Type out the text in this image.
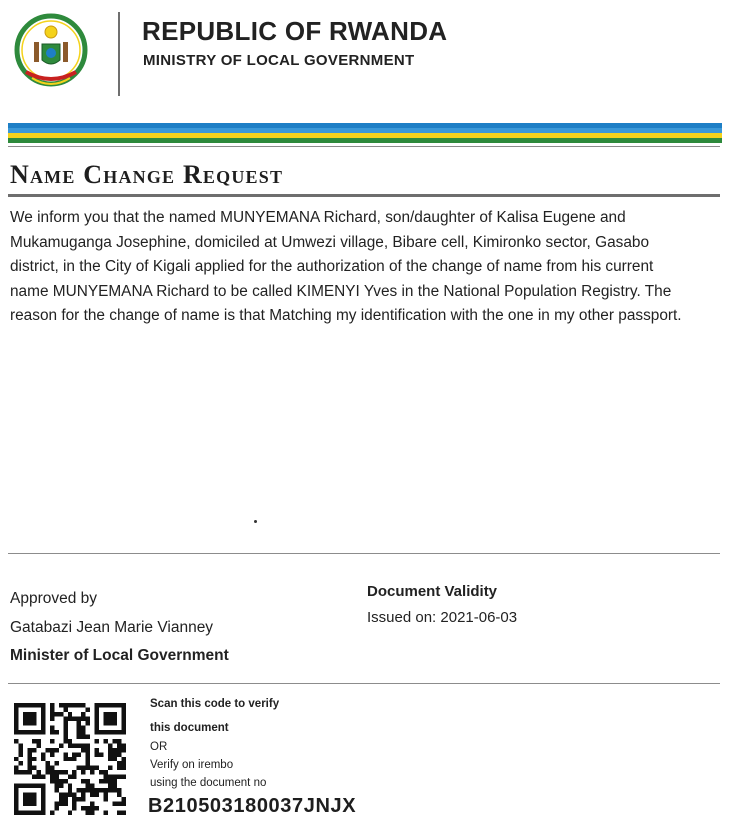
REPUBLIC OF RWANDA
MINISTRY OF LOCAL GOVERNMENT
Name Change Request
We inform you that the named MUNYEMANA Richard, son/daughter of Kalisa Eugene and
Mukamuganga Josephine, domiciled at Umwezi village, Bibare cell, Kimironko sector, Gasabo
district, in the City of Kigali applied for the authorization of the change of name from his current
name MUNYEMANA Richard to be called KIMENYI Yves in the National Population Registry. The
reason for the change of name is that Matching my identification with the one in my other passport.
Approved by
Gatabazi Jean Marie Vianney
Minister of Local Government
Document Validity
Issued on: 2021-06-03
Scan this code to verify
this document
OR
Verify on irembo
using the document no
B210503180037JNJX
